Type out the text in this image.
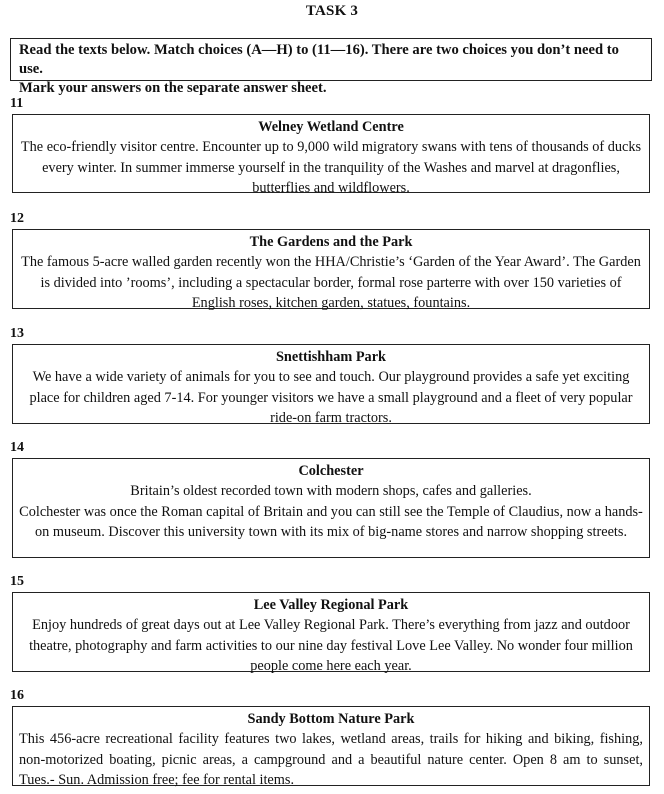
TASK 3

Read the texts below. Match choices (A—H) to (11—16). There are two choices you don’t need to use.

Mark your answers on the separate answer sheet.

11

Welney Wetland Centre

The eco-friendly visitor centre. Encounter up to 9,000 wild migratory swans with tens of thousands of ducks every winter. In summer immerse yourself in the tranquility of the Washes and marvel at dragonflies, butterflies and wildflowers.

12

The Gardens and the Park

The famous 5-acre walled garden recently won the HHA/Christie’s ‘Garden of the Year Award’. The Garden is divided into ’rooms’, including a spectacular border, formal rose parterre with over 150 varieties of English roses, kitchen garden, statues, fountains.

13

Snettishham Park

We have a wide variety of animals for you to see and touch. Our playground provides a safe yet exciting place for children aged 7-14. For younger visitors we have a small playground and a fleet of very popular ride-on farm tractors.

14

Colchester

Britain’s oldest recorded town with modern shops, cafes and galleries.

Colchester was once the Roman capital of Britain and you can still see the Temple of Claudius, now a hands-on museum. Discover this university town with its mix of big-name stores and narrow shopping streets.

15

Lee Valley Regional Park

Enjoy hundreds of great days out at Lee Valley Regional Park. There’s everything from jazz and outdoor theatre, photography and farm activities to our nine day festival Love Lee Valley. No wonder four million people come here each year.

16

Sandy Bottom Nature Park

This 456-acre recreational facility features two lakes, wetland areas, trails for hiking and biking, fishing, non-motorized boating, picnic areas, a campground and a beautiful nature center. Open 8 am to sunset, Tues.- Sun. Admission free; fee for rental items.
